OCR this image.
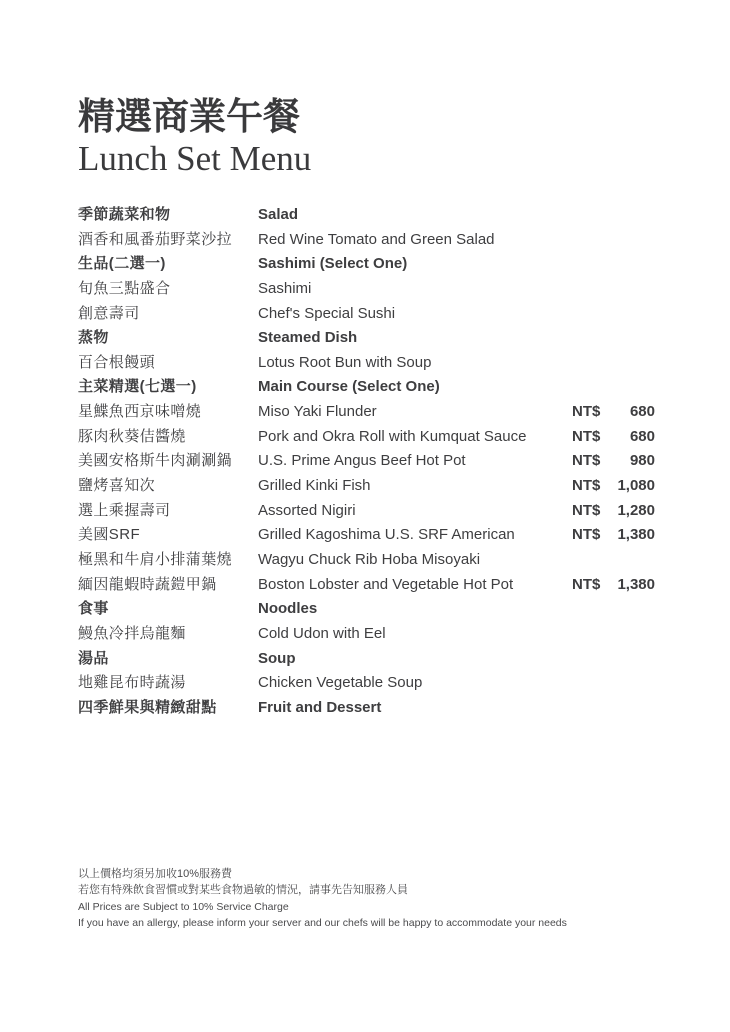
精選商業午餐
Lunch Set Menu
季節蔬菜和物	Salad
酒香和風番茄野菜沙拉	Red Wine Tomato and Green Salad
生品(二選一)	Sashimi (Select One)
旬魚三點盛合	Sashimi
創意壽司	Chef's Special Sushi
蒸物	Steamed Dish
百合根饅頭	Lotus Root Bun with Soup
主菜精選(七選一)	Main Course (Select One)
星鰈魚西京味噌燒	Miso Yaki Flunder	NT$ 680
豚肉秋葵佶醬燒	Pork and Okra Roll with Kumquat Sauce	NT$ 680
美國安格斯牛肉涮涮鍋	U.S. Prime Angus Beef Hot Pot	NT$ 980
鹽烤喜知次	Grilled Kinki Fish	NT$ 1,080
選上乘握壽司	Assorted Nigiri	NT$ 1,280
美國SRF	Grilled Kagoshima U.S. SRF American	NT$ 1,380
極黑和牛肩小排蒲葉燒	Wagyu Chuck Rib Hoba Misoyaki
緬因龍蝦時蔬鎧甲鍋	Boston Lobster and Vegetable Hot Pot	NT$ 1,380
食事	Noodles
鰻魚冷拌烏龍麵	Cold Udon with Eel
湯品	Soup
地雞昆布時蔬湯	Chicken Vegetable Soup
四季鮮果與精緻甜點	Fruit and Dessert
以上價格均須另加收10%服務費
若您有特殊飲食習慣或對某些食物過敏的情況，請事先告知服務人員
All Prices are Subject to 10% Service Charge
If you have an allergy, please inform your server and our chefs will be happy to accommodate your needs
